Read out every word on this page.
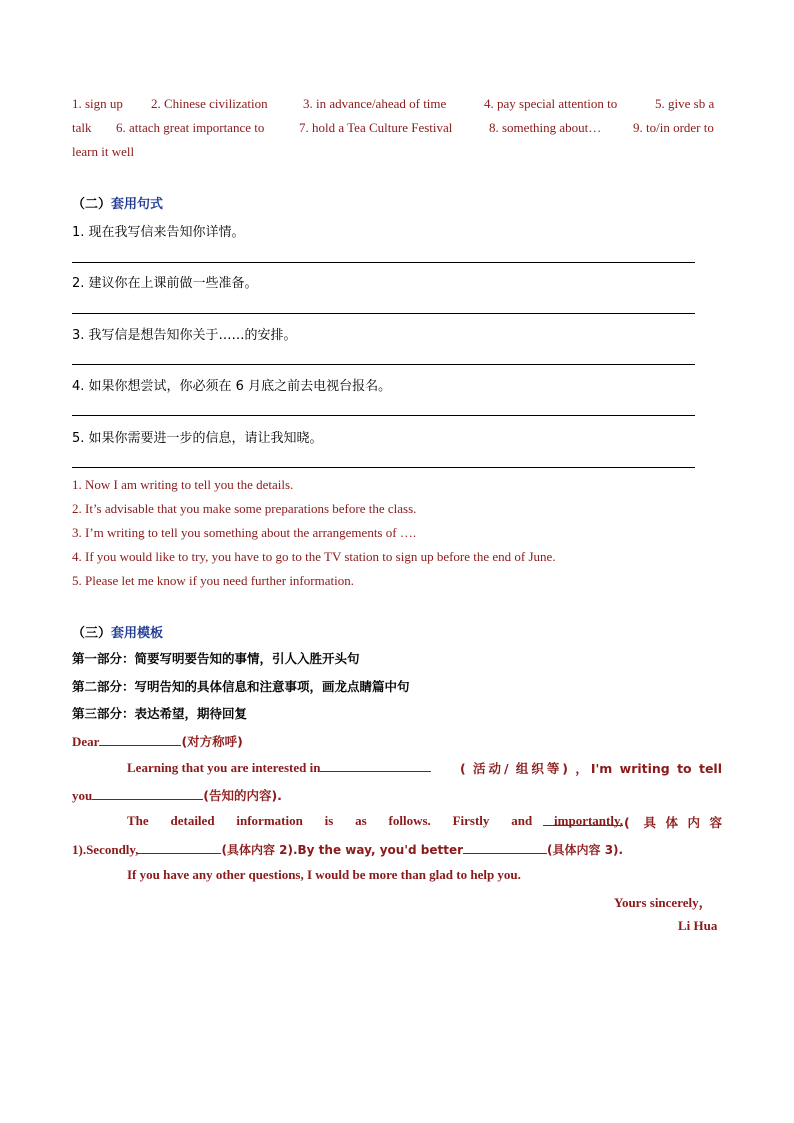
1. sign up 2. Chinese civilization	3. in advance/ahead of time	4. pay special attention to	5. give sb a
talk 6. attach great importance to	7. hold a Tea Culture Festival	8. something about… 9. to/in order to
learn it well
（二）套用句式
1. 现在我写信来告知你详情。
2. 建议你在上课前做一些准备。
3. 我写信是想告知你关于……的安排。
4. 如果你想尝试，你必须在 6 月底之前去电视台报名。
5. 如果你需要进一步的信息，请让我知晓。
1. Now I am writing to tell you the details.
2. It’s advisable that you make some preparations before the class.
3. I’m writing to tell you something about the arrangements of ….
4. If you would like to try, you have to go to the TV station to sign up before the end of June.
5. Please let me know if you need further information.
（三）套用模板
第一部分：简要写明要告知的事情，引人入胜开头句
第二部分：写明告知的具体信息和注意事项，画龙点睛篇中句
第三部分：表达希望，期待回复
Dear	(对方称呼)
Learning that you are interested in	( 活动/ 组织等) ，I'm writing to tell
you	(告知的内容).
The detailed information is as follows. Firstly and importantly, ( 具体内容
1).Secondly,	(具体内容 2).By the way, you'd better	(具体内容 3).
If you have any other questions, I would be more than glad to help you.
Yours sincerely，
Li Hua
